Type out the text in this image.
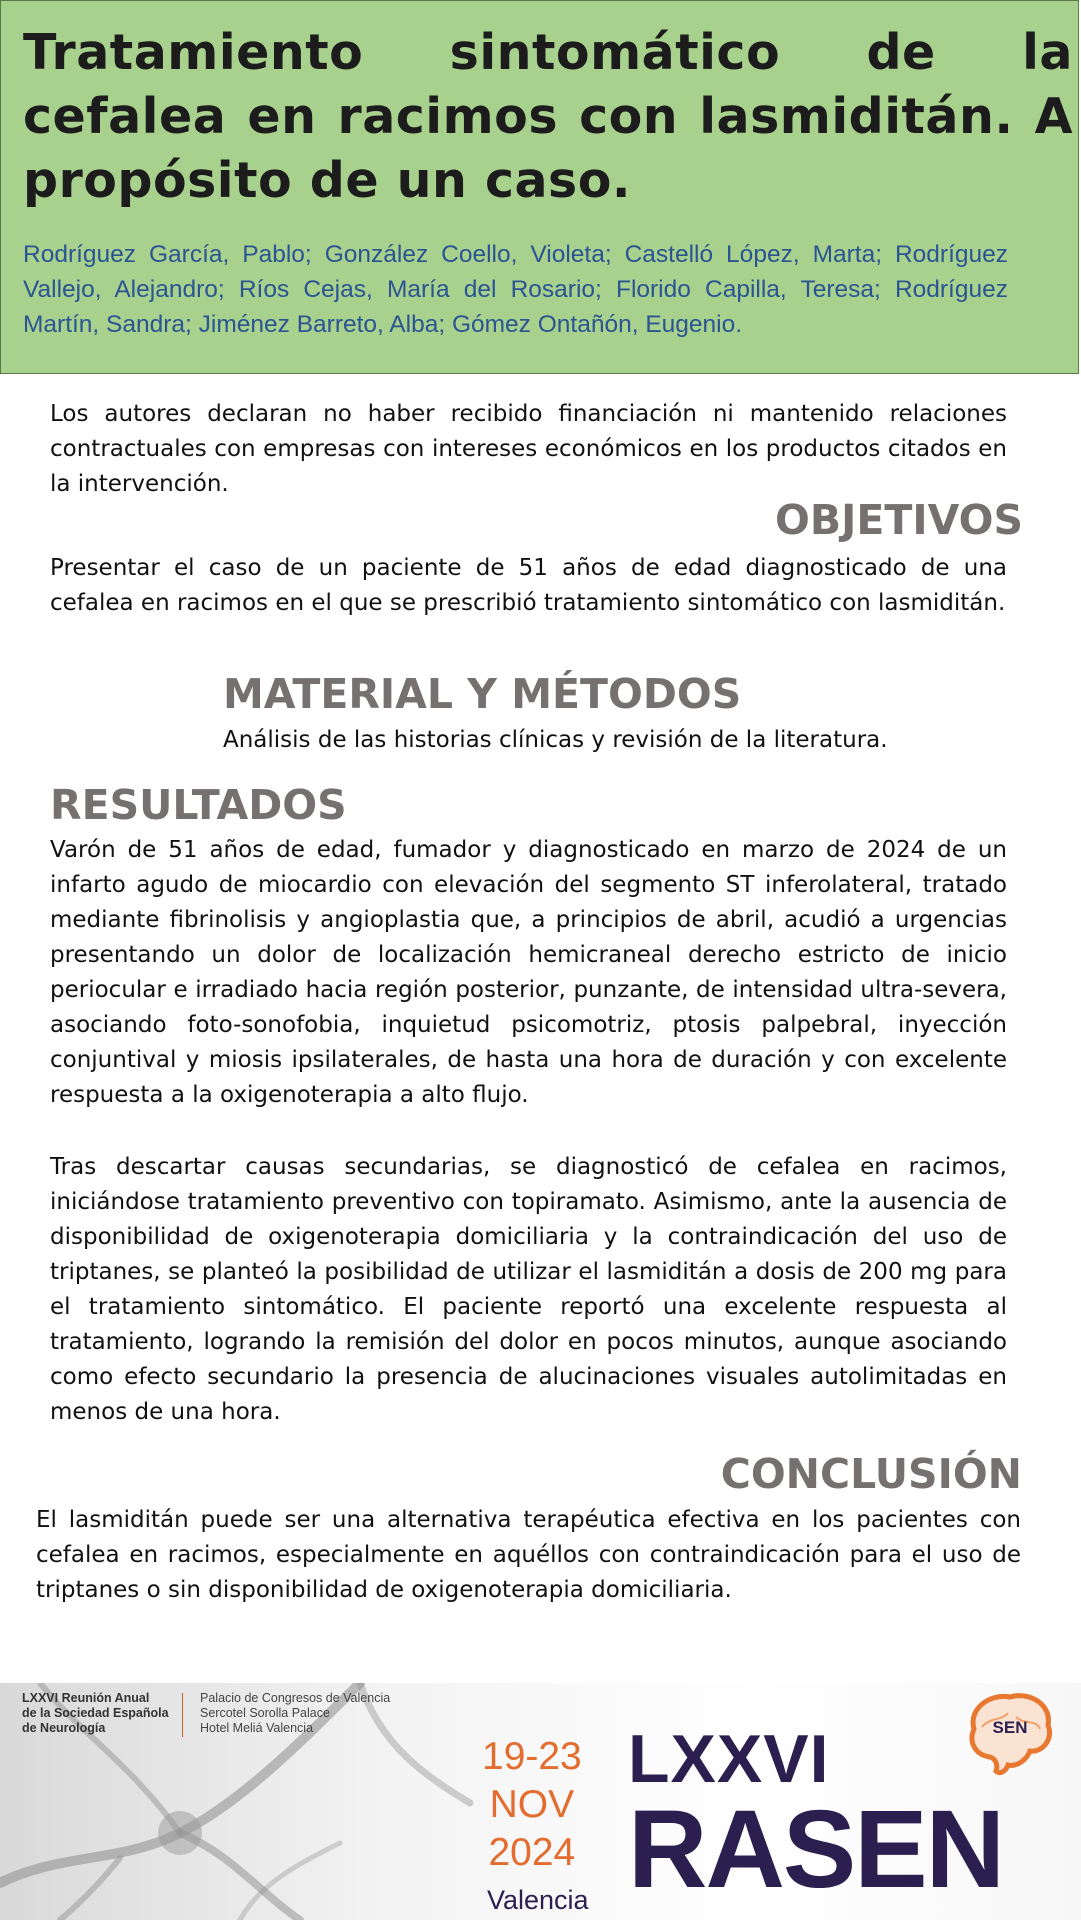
Tratamiento sintomático de la cefalea en racimos con lasmiditán. A propósito de un caso.
Rodríguez García, Pablo; González Coello, Violeta; Castelló López, Marta; Rodríguez Vallejo, Alejandro; Ríos Cejas, María del Rosario; Florido Capilla, Teresa; Rodríguez Martín, Sandra; Jiménez Barreto, Alba; Gómez Ontañón, Eugenio.

Los autores declaran no haber recibido financiación ni mantenido relaciones contractuales con empresas con intereses económicos en los productos citados en la intervención.

OBJETIVOS

Presentar el caso de un paciente de 51 años de edad diagnosticado de una cefalea en racimos en el que se prescribió tratamiento sintomático con lasmiditán.

MATERIAL Y MÉTODOS

Análisis de las historias clínicas y revisión de la literatura.

RESULTADOS

Varón de 51 años de edad, fumador y diagnosticado en marzo de 2024 de un infarto agudo de miocardio con elevación del segmento ST inferolateral, tratado mediante fibrinolisis y angioplastia que, a principios de abril, acudió a urgencias presentando un dolor de localización hemicraneal derecho estricto de inicio periocular e irradiado hacia región posterior, punzante, de intensidad ultra-severa, asociando foto-sonofobia, inquietud psicomotriz, ptosis palpebral, inyección conjuntival y miosis ipsilaterales, de hasta una hora de duración y con excelente respuesta a la oxigenoterapia a alto flujo.

Tras descartar causas secundarias, se diagnosticó de cefalea en racimos, iniciándose tratamiento preventivo con topiramato. Asimismo, ante la ausencia de disponibilidad de oxigenoterapia domiciliaria y la contraindicación del uso de triptanes, se planteó la posibilidad de utilizar el lasmiditán a dosis de 200 mg para el tratamiento sintomático. El paciente reportó una excelente respuesta al tratamiento, logrando la remisión del dolor en pocos minutos, aunque asociando como efecto secundario la presencia de alucinaciones visuales autolimitadas en menos de una hora.

CONCLUSIÓN

El lasmiditán puede ser una alternativa terapéutica efectiva en los pacientes con cefalea en racimos, especialmente en aquéllos con contraindicación para el uso de triptanes o sin disponibilidad de oxigenoterapia domiciliaria.

LXXVI Reunión Anual
de la Sociedad Española
de Neurología
Palacio de Congresos de Valencia
Sercotel Sorolla Palace
Hotel Meliá Valencia
19-23
NOV
2024
Valencia
LXXVI
RASEN
SEN
